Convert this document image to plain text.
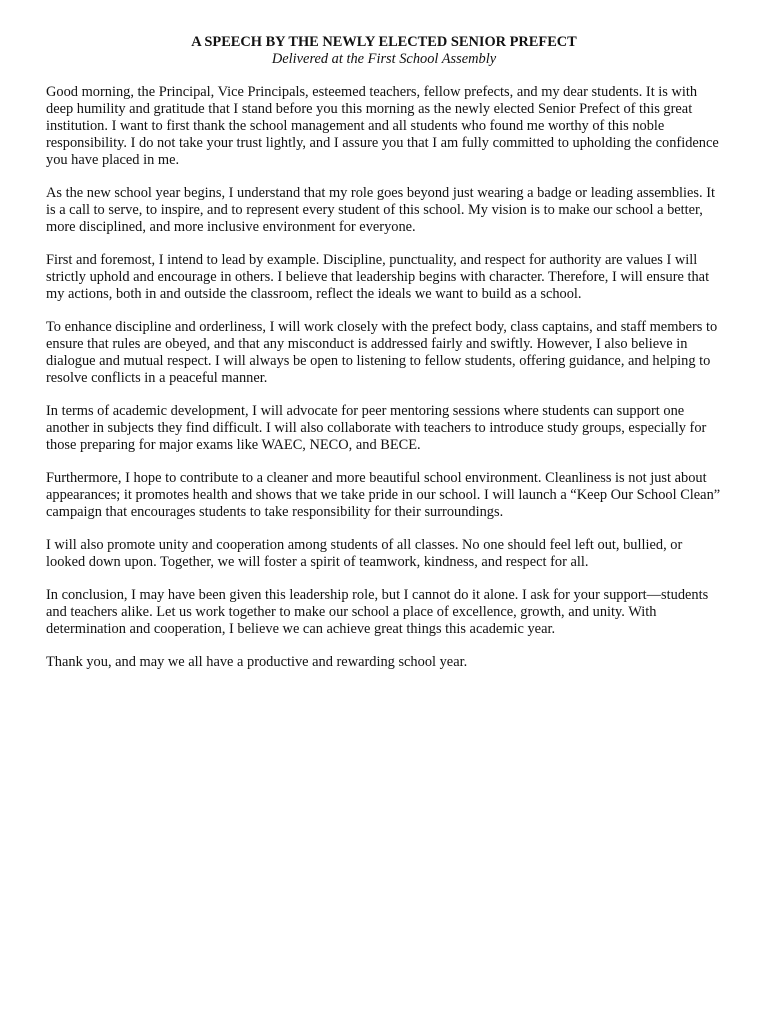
A SPEECH BY THE NEWLY ELECTED SENIOR PREFECT

Delivered at the First School Assembly

Good morning, the Principal, Vice Principals, esteemed teachers, fellow prefects, and my dear students. It is with deep humility and gratitude that I stand before you this morning as the newly elected Senior Prefect of this great institution. I want to first thank the school management and all students who found me worthy of this noble responsibility. I do not take your trust lightly, and I assure you that I am fully committed to upholding the confidence you have placed in me.

As the new school year begins, I understand that my role goes beyond just wearing a badge or leading assemblies. It is a call to serve, to inspire, and to represent every student of this school. My vision is to make our school a better, more disciplined, and more inclusive environment for everyone.

First and foremost, I intend to lead by example. Discipline, punctuality, and respect for authority are values I will strictly uphold and encourage in others. I believe that leadership begins with character. Therefore, I will ensure that my actions, both in and outside the classroom, reflect the ideals we want to build as a school.

To enhance discipline and orderliness, I will work closely with the prefect body, class captains, and staff members to ensure that rules are obeyed, and that any misconduct is addressed fairly and swiftly. However, I also believe in dialogue and mutual respect. I will always be open to listening to fellow students, offering guidance, and helping to resolve conflicts in a peaceful manner.

In terms of academic development, I will advocate for peer mentoring sessions where students can support one another in subjects they find difficult. I will also collaborate with teachers to introduce study groups, especially for those preparing for major exams like WAEC, NECO, and BECE.

Furthermore, I hope to contribute to a cleaner and more beautiful school environment. Cleanliness is not just about appearances; it promotes health and shows that we take pride in our school. I will launch a “Keep Our School Clean” campaign that encourages students to take responsibility for their surroundings.

I will also promote unity and cooperation among students of all classes. No one should feel left out, bullied, or looked down upon. Together, we will foster a spirit of teamwork, kindness, and respect for all.

In conclusion, I may have been given this leadership role, but I cannot do it alone. I ask for your support—students and teachers alike. Let us work together to make our school a place of excellence, growth, and unity. With determination and cooperation, I believe we can achieve great things this academic year.

Thank you, and may we all have a productive and rewarding school year.
